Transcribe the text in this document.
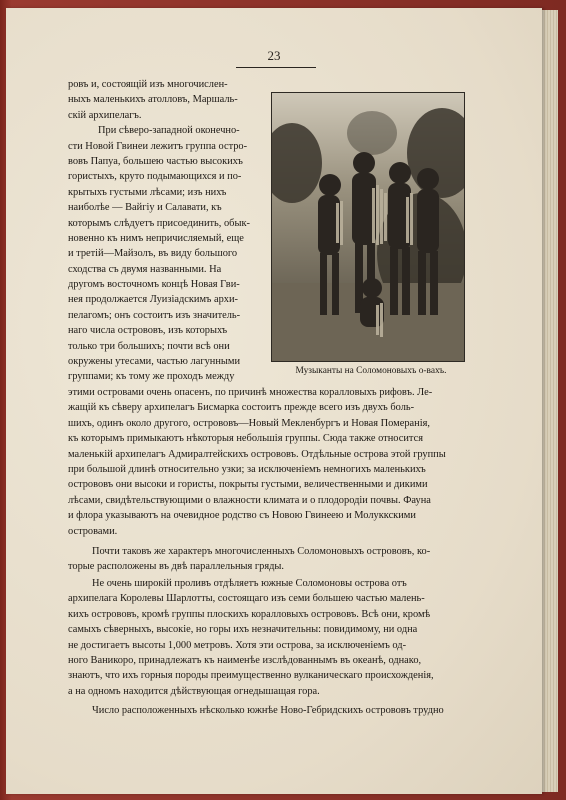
23
ровъ и, состоящій изъ многочислен-
ныхъ маленькихъ атолловъ, Маршаль-
скій архипелагъ.
При сѣверо-западной оконечно-
сти Новой Гвинеи лежитъ группа остро-
вовъ Папуа, большею частью высокихъ
гористыхъ, круто подымающихся и по-
крытыхъ густыми лѣсами; изъ нихъ
наиболѣе — Вайгіу и Салавати, къ
которымъ слѣдуетъ присоединить, обык-
новенно къ нимъ непричисляемый, еще
и третій—Майзолъ, въ виду большого
сходства съ двумя названными. На
другомъ восточномъ концѣ Новая Гви-
нея продолжается Луизіадскимъ архи-
пелагомъ; онъ состоитъ изъ значитель-
наго числа острововъ, изъ которыхъ
только три большихъ; почти всѣ они
окружены утесами, частью лагунными
группами; къ тому же проходъ между
Музыканты на Соломоновыхъ о-вахъ.
этими островами очень опасенъ, по причинѣ множества коралловыхъ рифовъ. Ле-
жащій къ сѣверу архипелагъ Бисмарка состоитъ прежде всего изъ двухъ боль-
шихъ, одинъ около другого, острововъ—Новый Мекленбургъ и Новая Померанія,
къ которымъ примыкаютъ нѣкоторыя небольшія группы. Сюда также относится
маленькій архипелагъ Адмиралтейскихъ острововъ. Отдѣльные острова этой группы
при большой длинѣ относительно узки; за исключеніемъ немногихъ маленькихъ
острововъ они высоки и гористы, покрыты густыми, величественными и дикими
лѣсами, свидѣтельствующими о влажности климата и о плодородіи почвы. Фауна
и флора указываютъ на очевидное родство съ Новою Гвинеею и Молуккскими
островами.
Почти таковъ же характеръ многочисленныхъ Соломоновыхъ острововъ, ко-
торые расположены въ двѣ параллельныя гряды.
Не очень широкій проливъ отдѣляетъ южные Соломоновы острова отъ
архипелага Королевы Шарлотты, состоящаго изъ семи большею частью малень-
кихъ острововъ, кромѣ группы плоскихъ коралловыхъ острововъ. Всѣ они, кромѣ
самыхъ сѣверныхъ, высокіе, но горы ихъ незначительны: повидимому, ни одна
не достигаетъ высоты 1,000 метровъ. Хотя эти острова, за исключеніемъ од-
ного Ваникоро, принадлежатъ къ наименѣе изслѣдованнымъ въ океанѣ, однако,
знаютъ, что ихъ горныя породы преимущественно вулканическаго происхожденія,
а на одномъ находится дѣйствующая огнедышащая гора.
Число расположенныхъ нѣсколько южнѣе Ново-Гебридскихъ острововъ трудно
